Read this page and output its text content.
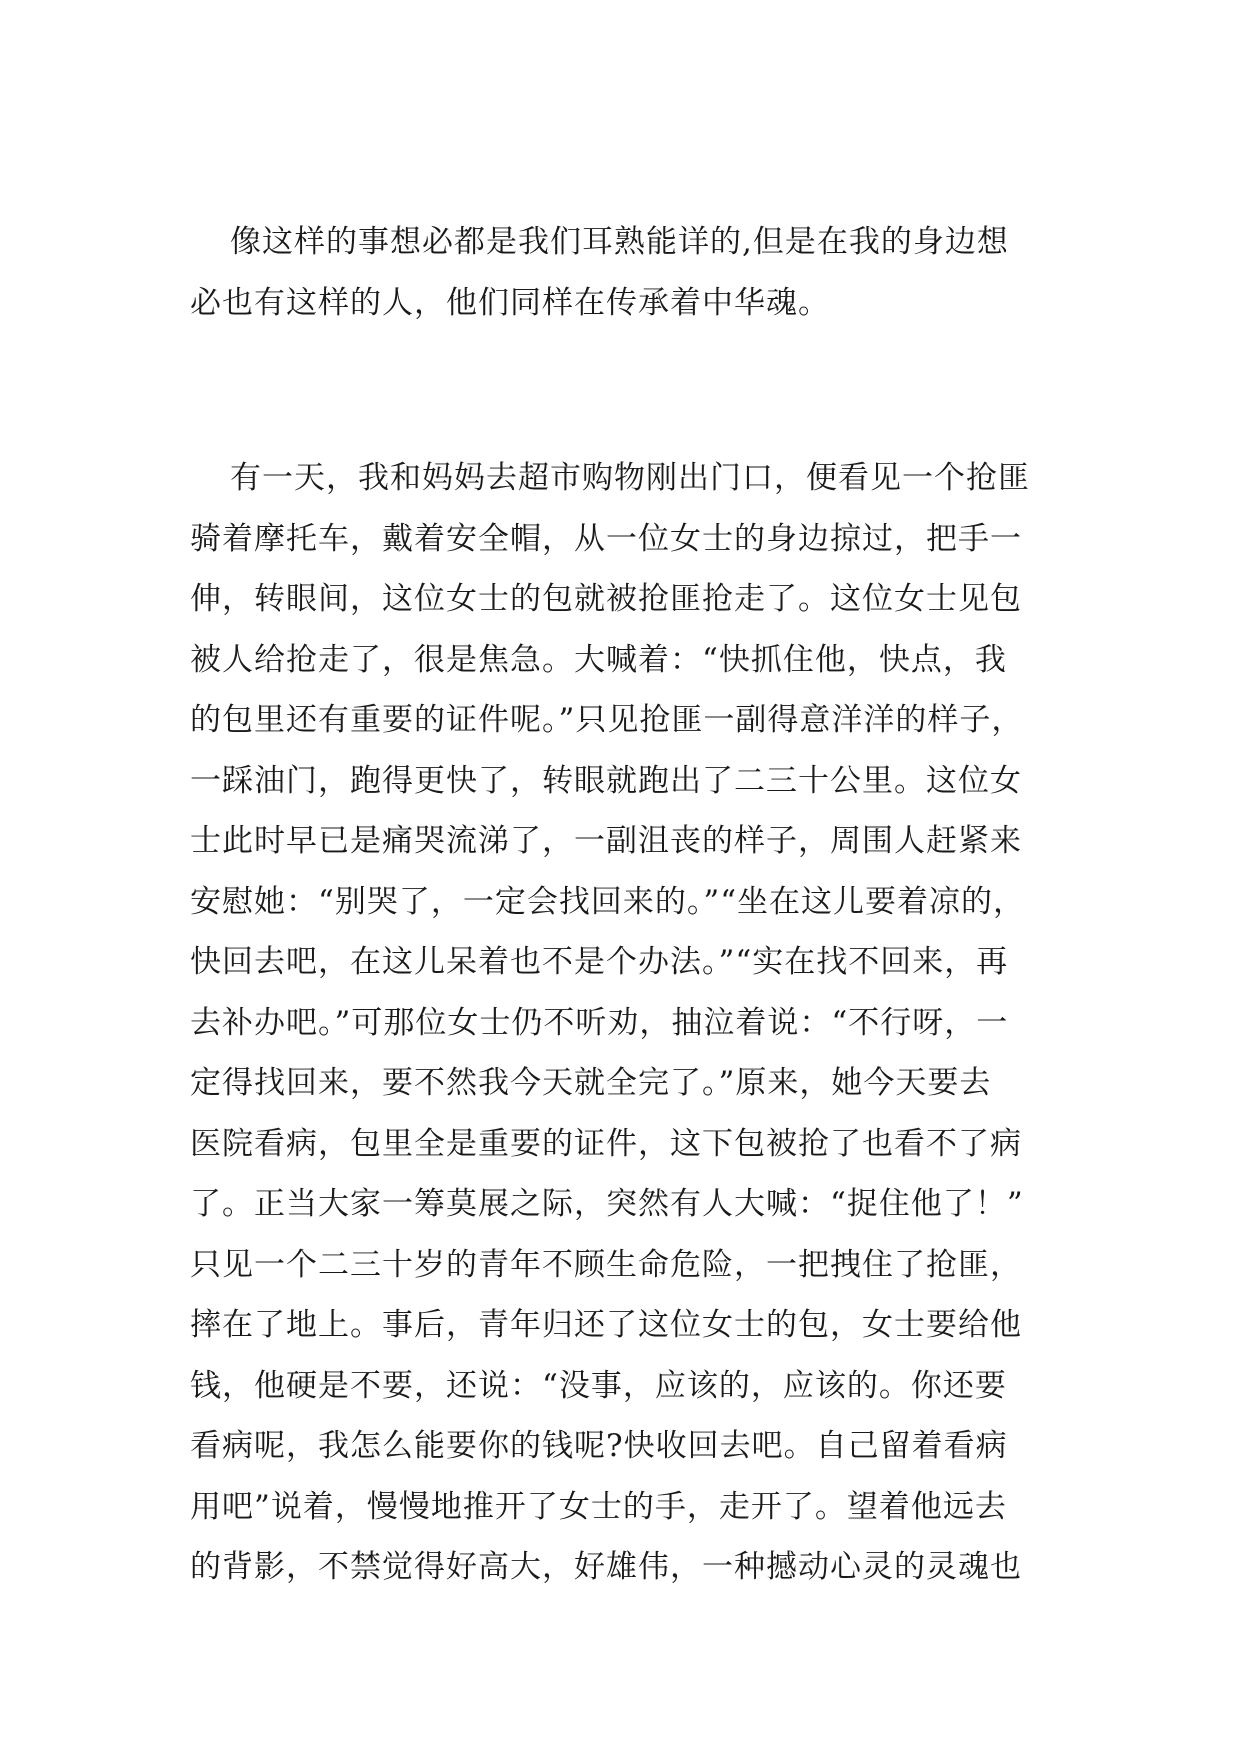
像这样的事想必都是我们耳熟能详的,但是在我的身边想
必也有这样的人，他们同样在传承着中华魂。

有一天，我和妈妈去超市购物刚出门口，便看见一个抢匪
骑着摩托车，戴着安全帽，从一位女士的身边掠过，把手一
伸，转眼间，这位女士的包就被抢匪抢走了。这位女士见包
被人给抢走了，很是焦急。大喊着：“快抓住他，快点，我
的包里还有重要的证件呢。”只见抢匪一副得意洋洋的样子，
一踩油门，跑得更快了，转眼就跑出了二三十公里。这位女
士此时早已是痛哭流涕了，一副沮丧的样子，周围人赶紧来
安慰她：“别哭了，一定会找回来的。”“坐在这儿要着凉的，
快回去吧，在这儿呆着也不是个办法。”“实在找不回来，再
去补办吧。”可那位女士仍不听劝，抽泣着说：“不行呀，一
定得找回来，要不然我今天就全完了。”原来，她今天要去
医院看病，包里全是重要的证件，这下包被抢了也看不了病
了。正当大家一筹莫展之际，突然有人大喊：“捉住他了！”
只见一个二三十岁的青年不顾生命危险，一把拽住了抢匪，
摔在了地上。事后，青年归还了这位女士的包，女士要给他
钱，他硬是不要，还说：“没事，应该的，应该的。你还要
看病呢，我怎么能要你的钱呢?快收回去吧。自己留着看病
用吧”说着，慢慢地推开了女士的手，走开了。望着他远去
的背影，不禁觉得好高大，好雄伟，一种撼动心灵的灵魂也
